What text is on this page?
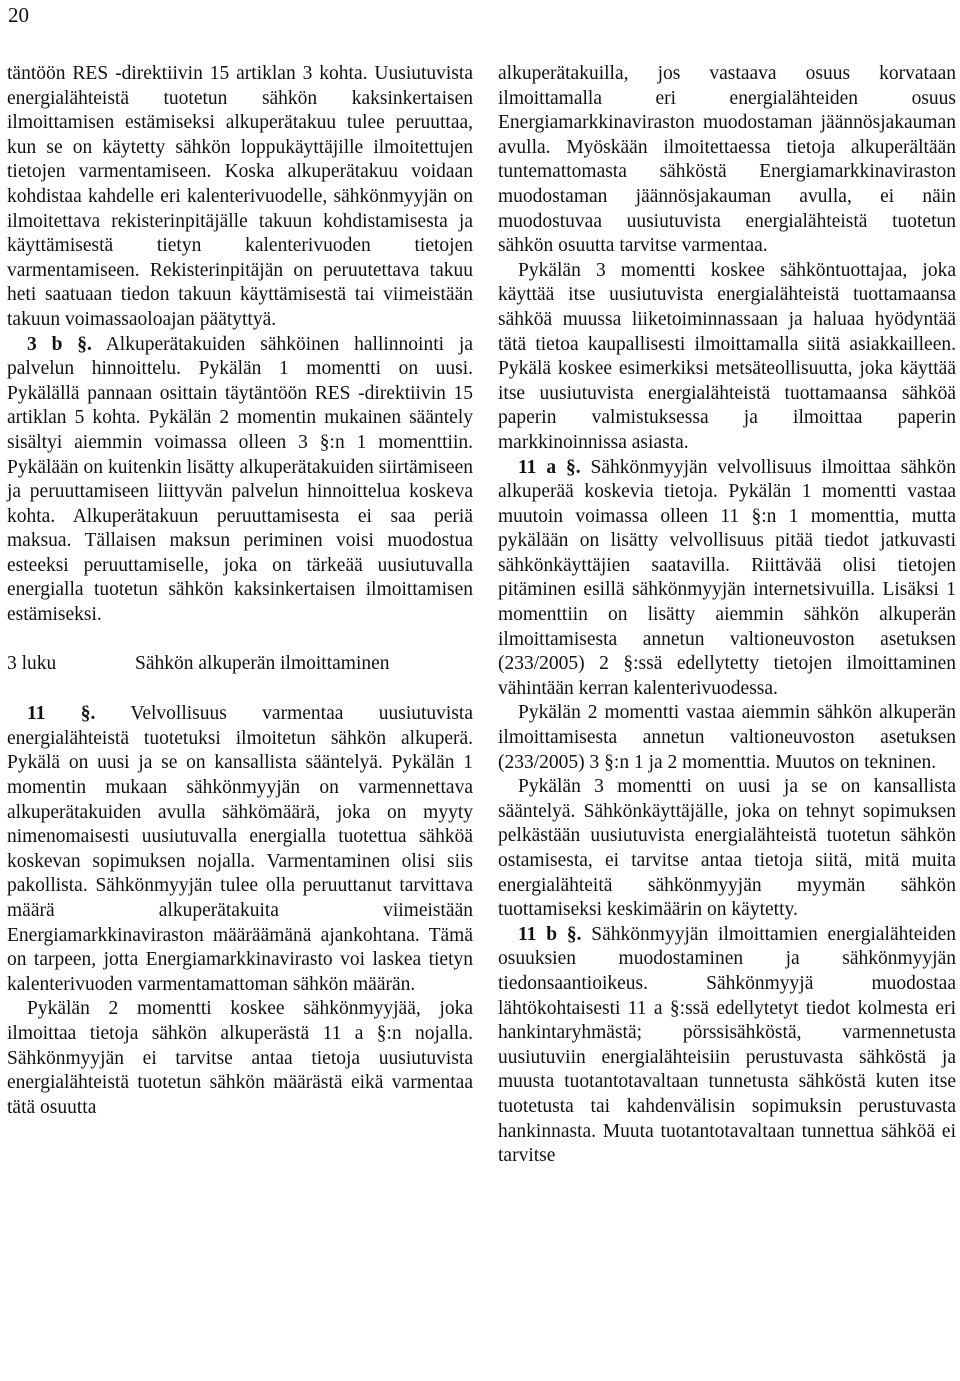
20

täntöön RES -direktiivin 15 artiklan 3 kohta. Uusiutuvista energialähteistä tuotetun sähkön kaksinkertaisen ilmoittamisen estämiseksi alkuperätakuu tulee peruuttaa, kun se on käytetty sähkön loppukäyttäjille ilmoitettujen tietojen varmentamiseen. Koska alkuperätakuu voidaan kohdistaa kahdelle eri kalenterivuodelle, sähkönmyyjän on ilmoitettava rekisterinpitäjälle takuun kohdistamisesta ja käyttämisestä tietyn kalenterivuoden tietojen varmentamiseen. Rekisterinpitäjän on peruutettava takuu heti saatuaan tiedon takuun käyttämisestä tai viimeistään takuun voimassaoloajan päätyttyä.

3 b §. Alkuperätakuiden sähköinen hallinnointi ja palvelun hinnoittelu. Pykälän 1 momentti on uusi. Pykälällä pannaan osittain täytäntöön RES -direktiivin 15 artiklan 5 kohta. Pykälän 2 momentin mukainen sääntely sisältyi aiemmin voimassa olleen 3 §:n 1 momenttiin. Pykälään on kuitenkin lisätty alkuperätakuiden siirtämiseen ja peruuttamiseen liittyvän palvelun hinnoittelua koskeva kohta. Alkuperätakuun peruuttamisesta ei saa periä maksua. Tällaisen maksun periminen voisi muodostua esteeksi peruuttamiselle, joka on tärkeää uusiutuvalla energialla tuotetun sähkön kaksinkertaisen ilmoittamisen estämiseksi.

3 luku	Sähkön alkuperän ilmoittaminen

11 §. Velvollisuus varmentaa uusiutuvista energialähteistä tuotetuksi ilmoitetun sähkön alkuperä. Pykälä on uusi ja se on kansallista sääntelyä. Pykälän 1 momentin mukaan sähkönmyyjän on varmennettava alkuperätakuiden avulla sähkömäärä, joka on myyty nimenomaisesti uusiutuvalla energialla tuotettua sähköä koskevan sopimuksen nojalla. Varmentaminen olisi siis pakollista. Sähkönmyyjän tulee olla peruuttanut tarvittava määrä alkuperätakuita viimeistään Energiamarkkinaviraston määräämänä ajankohtana. Tämä on tarpeen, jotta Energiamarkkinavirasto voi laskea tietyn kalenterivuoden varmentamattoman sähkön määrän.

Pykälän 2 momentti koskee sähkönmyyjää, joka ilmoittaa tietoja sähkön alkuperästä 11 a §:n nojalla. Sähkönmyyjän ei tarvitse antaa tietoja uusiutuvista energialähteistä tuotetun sähkön määrästä eikä varmentaa tätä osuutta

alkuperätakuilla, jos vastaava osuus korvataan ilmoittamalla eri energialähteiden osuus Energiamarkkinaviraston muodostaman jäännösjakauman avulla. Myöskään ilmoitettaessa tietoja alkuperältään tuntemattomasta sähköstä Energiamarkkinaviraston muodostaman jäännösjakauman avulla, ei näin muodostuvaa uusiutuvista energialähteistä tuotetun sähkön osuutta tarvitse varmentaa.

Pykälän 3 momentti koskee sähköntuottajaa, joka käyttää itse uusiutuvista energialähteistä tuottamaansa sähköä muussa liiketoiminnassaan ja haluaa hyödyntää tätä tietoa kaupallisesti ilmoittamalla siitä asiakkailleen. Pykälä koskee esimerkiksi metsäteollisuutta, joka käyttää itse uusiutuvista energialähteistä tuottamaansa sähköä paperin valmistuksessa ja ilmoittaa paperin markkinoinnissa asiasta.

11 a §. Sähkönmyyjän velvollisuus ilmoittaa sähkön alkuperää koskevia tietoja. Pykälän 1 momentti vastaa muutoin voimassa olleen 11 §:n 1 momenttia, mutta pykälään on lisätty velvollisuus pitää tiedot jatkuvasti sähkönkäyttäjien saatavilla. Riittävää olisi tietojen pitäminen esillä sähkönmyyjän internetsivuilla. Lisäksi 1 momenttiin on lisätty aiemmin sähkön alkuperän ilmoittamisesta annetun valtioneuvoston asetuksen (233/2005) 2 §:ssä edellytetty tietojen ilmoittaminen vähintään kerran kalenterivuodessa.

Pykälän 2 momentti vastaa aiemmin sähkön alkuperän ilmoittamisesta annetun valtioneuvoston asetuksen (233/2005) 3 §:n 1 ja 2 momenttia. Muutos on tekninen.

Pykälän 3 momentti on uusi ja se on kansallista sääntelyä. Sähkönkäyttäjälle, joka on tehnyt sopimuksen pelkästään uusiutuvista energialähteistä tuotetun sähkön ostamisesta, ei tarvitse antaa tietoja siitä, mitä muita energialähteitä sähkönmyyjän myymän sähkön tuottamiseksi keskimäärin on käytetty.

11 b §. Sähkönmyyjän ilmoittamien energialähteiden osuuksien muodostaminen ja sähkönmyyjän tiedonsaantioikeus. Sähkönmyyjä muodostaa lähtökohtaisesti 11 a §:ssä edellytetyt tiedot kolmesta eri hankintaryhmästä; pörssisähköstä, varmennetusta uusiutuviin energialähteisiin perustuvasta sähköstä ja muusta tuotantotavaltaan tunnetusta sähköstä kuten itse tuotetusta tai kahdenvälisin sopimuksin perustuvasta hankinnasta. Muuta tuotantotavaltaan tunnettua sähköä ei tarvitse
